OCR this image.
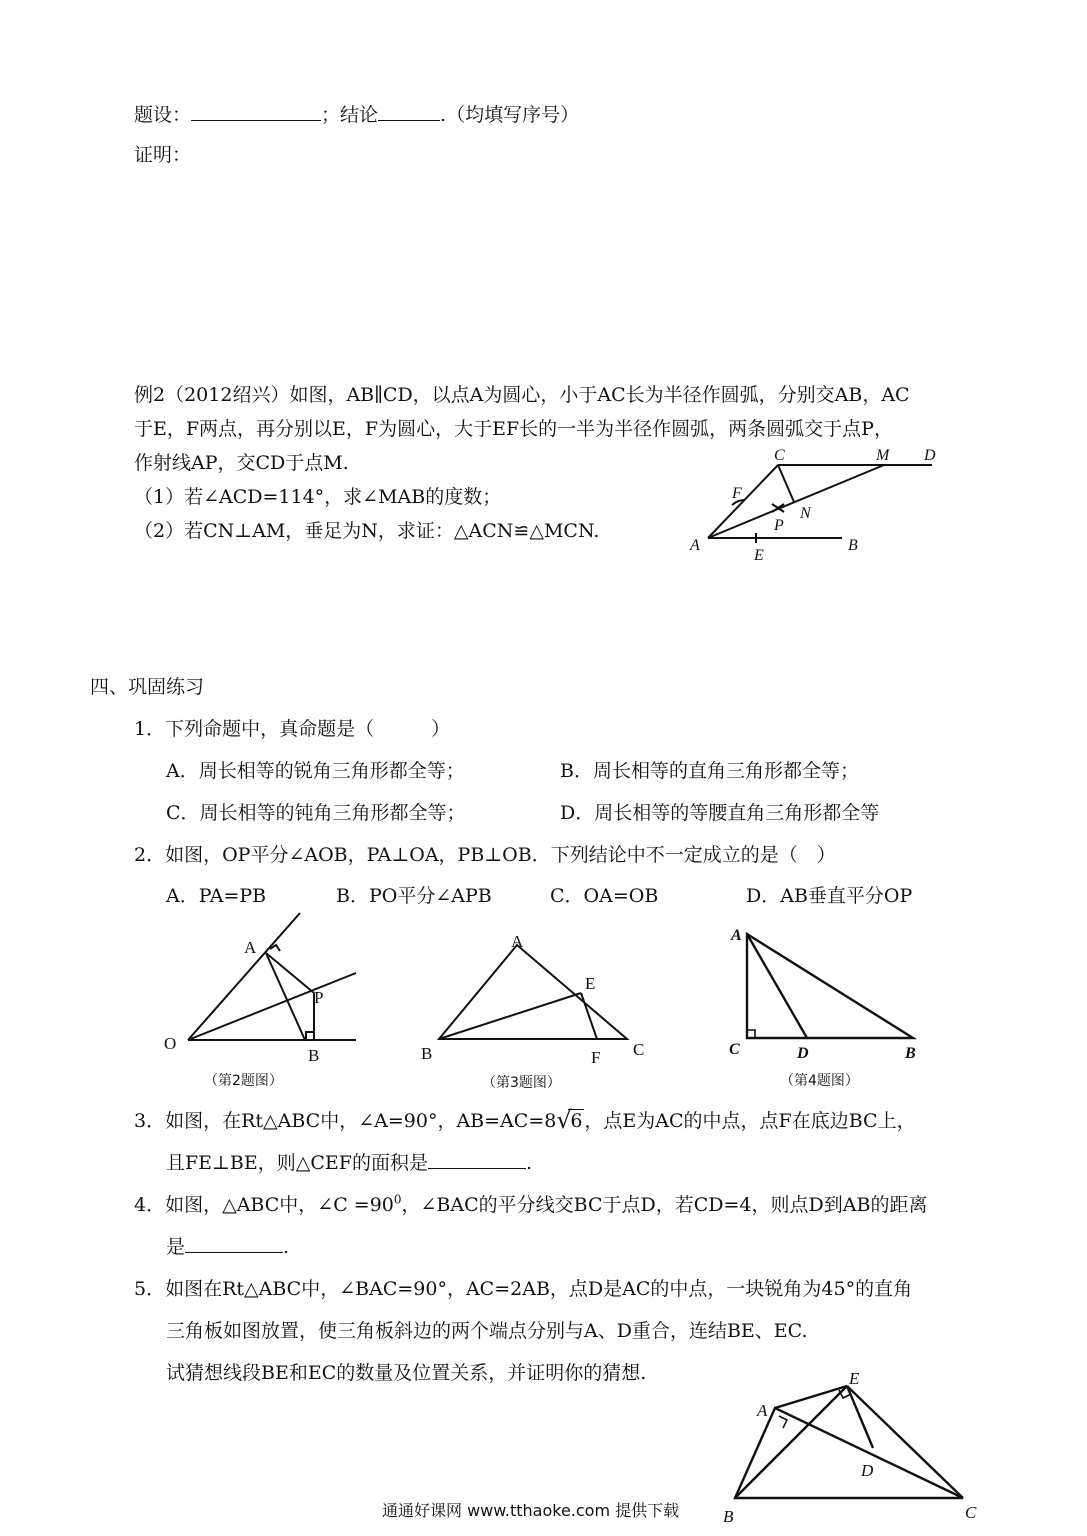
题设：	；结论	.（均填写序号）
证明：
例2（2012绍兴）如图，AB∥CD，以点A为圆心，小于AC长为半径作圆弧，分别交AB，AC
于E，F两点，再分别以E，F为圆心，大于EF长的一半为半径作圆弧，两条圆弧交于点P，
作射线AP，交CD于点M.
（1）若∠ACD=114°，求∠MAB的度数；
（2）若CN⊥AM，垂足为N，求证：△ACN≌△MCN.
C	M D
F
N
P
A
E
B
四、巩固练习
1．下列命题中，真命题是（　　　）
A．周长相等的锐角三角形都全等；	B．周长相等的直角三角形都全等；
C．周长相等的钝角三角形都全等；	D．周长相等的等腰直角三角形都全等
2．如图，OP平分∠AOB，PA⊥OA，PB⊥OB．下列结论中不一定成立的是（　）
A．PA=PB	B．PO平分∠APB	C．OA=OB	D．AB垂直平分OP
A
P
O
B
（第2题图）
A
E
B	F C
（第3题图）
A
C	D	B
（第4题图）
3．如图，在Rt△ABC中，∠A=90°，AB=AC=8 √
6 ，点E为AC的中点，点F在底边BC上，
且FE⊥BE，则△CEF的面积是	.
4．如图，△ABC中，∠C $=90^0$，∠BAC的平分线交BC于点D，若CD=4，则点D到AB的距离
是	.
5．如图在Rt△ABC中，∠BAC=90°，AC=2AB，点D是AC的中点，一块锐角为45°的直角
三角板如图放置，使三角板斜边的两个端点分别与A、D重合，连结BE、EC.
试猜想线段BE和EC的数量及位置关系，并证明你的猜想.	E
A
D
B	C
通通好课网 www.tthaoke.com 提供下载
